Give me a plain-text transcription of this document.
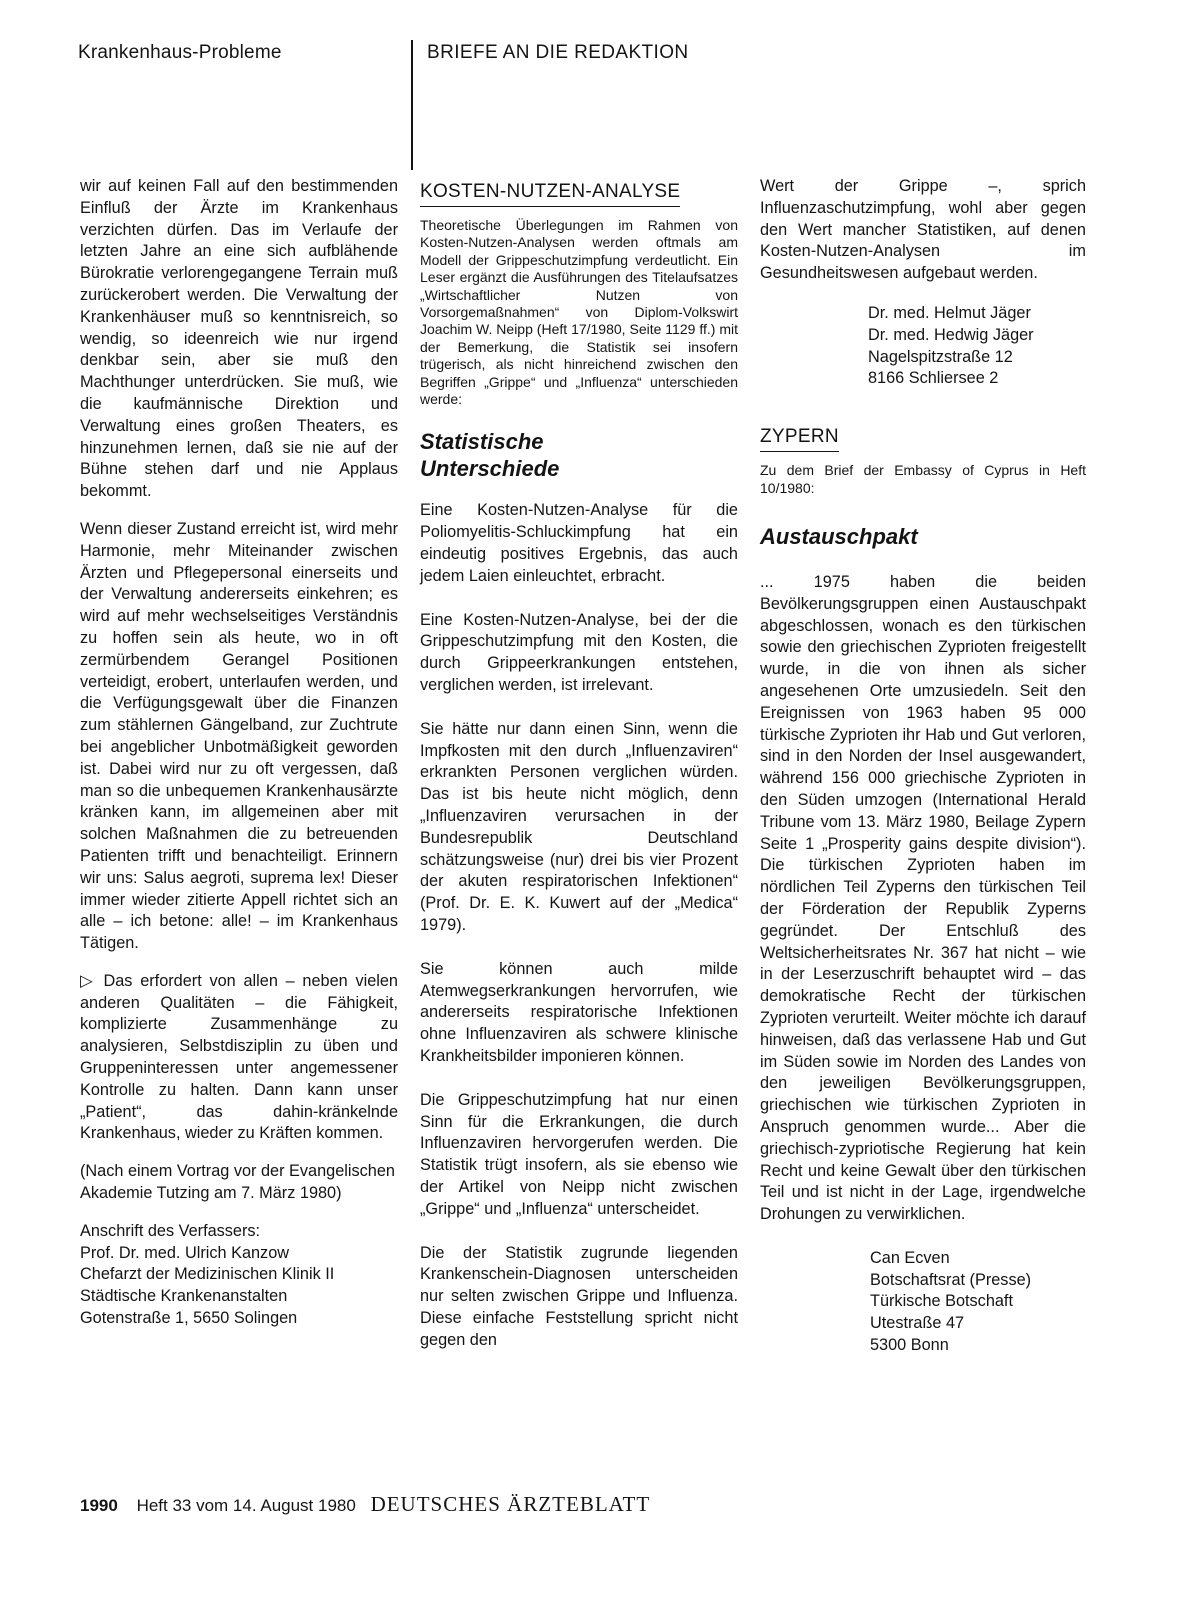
Krankenhaus-Probleme	BRIEFE AN DIE REDAKTION

wir auf keinen Fall auf den bestimmenden Einfluß der Ärzte im Krankenhaus verzichten dürfen. Das im Verlaufe der letzten Jahre an eine sich aufblähende Bürokratie verlorengegangene Terrain muß zurückerobert werden. Die Verwaltung der Krankenhäuser muß so kenntnisreich, so wendig, so ideenreich wie nur irgend denkbar sein, aber sie muß den Machthunger unterdrücken. Sie muß, wie die kaufmännische Direktion und Verwaltung eines großen Theaters, es hinzunehmen lernen, daß sie nie auf der Bühne stehen darf und nie Applaus bekommt.

Wenn dieser Zustand erreicht ist, wird mehr Harmonie, mehr Miteinander zwischen Ärzten und Pflegepersonal einerseits und der Verwaltung andererseits einkehren; es wird auf mehr wechselseitiges Verständnis zu hoffen sein als heute, wo in oft zermürbendem Gerangel Positionen verteidigt, erobert, unterlaufen werden, und die Verfügungsgewalt über die Finanzen zum stählernen Gängelband, zur Zuchtrute bei angeblicher Unbotmäßigkeit geworden ist. Dabei wird nur zu oft vergessen, daß man so die unbequemen Krankenhausärzte kränken kann, im allgemeinen aber mit solchen Maßnahmen die zu betreuenden Patienten trifft und benachteiligt. Erinnern wir uns: Salus aegroti, suprema lex! Dieser immer wieder zitierte Appell richtet sich an alle – ich betone: alle! – im Krankenhaus Tätigen.

▷ Das erfordert von allen – neben vielen anderen Qualitäten – die Fähigkeit, komplizierte Zusammenhänge zu analysieren, Selbstdisziplin zu üben und Gruppeninteressen unter angemessener Kontrolle zu halten. Dann kann unser „Patient“, das dahin-kränkelnde Krankenhaus, wieder zu Kräften kommen.

(Nach einem Vortrag vor der Evangelischen Akademie Tutzing am 7. März 1980)

Anschrift des Verfassers:
Prof. Dr. med. Ulrich Kanzow
Chefarzt der Medizinischen Klinik II
Städtische Krankenanstalten
Gotenstraße 1, 5650 Solingen
KOSTEN-NUTZEN-ANALYSE

Theoretische Überlegungen im Rahmen von Kosten-Nutzen-Analysen werden oftmals am Modell der Grippeschutzimpfung verdeutlicht. Ein Leser ergänzt die Ausführungen des Titelaufsatzes „Wirtschaftlicher Nutzen von Vorsorgemaßnahmen“ von Diplom-Volkswirt Joachim W. Neipp (Heft 17/1980, Seite 1129 ff.) mit der Bemerkung, die Statistik sei insofern trügerisch, als nicht hinreichend zwischen den Begriffen „Grippe“ und „Influenza“ unterschieden werde:

Statistische
Unterschiede

Eine Kosten-Nutzen-Analyse für die Poliomyelitis-Schluckimpfung hat ein eindeutig positives Ergebnis, das auch jedem Laien einleuchtet, erbracht.

Eine Kosten-Nutzen-Analyse, bei der die Grippeschutzimpfung mit den Kosten, die durch Grippeerkrankungen entstehen, verglichen werden, ist irrelevant.

Sie hätte nur dann einen Sinn, wenn die Impfkosten mit den durch „Influenzaviren“ erkrankten Personen verglichen würden. Das ist bis heute nicht möglich, denn „Influenzaviren verursachen in der Bundesrepublik Deutschland schätzungsweise (nur) drei bis vier Prozent der akuten respiratorischen Infektionen“ (Prof. Dr. E. K. Kuwert auf der „Medica“ 1979).

Sie können auch milde Atemwegserkrankungen hervorrufen, wie andererseits respiratorische Infektionen ohne Influenzaviren als schwere klinische Krankheitsbilder imponieren können.

Die Grippeschutzimpfung hat nur einen Sinn für die Erkrankungen, die durch Influenzaviren hervorgerufen werden. Die Statistik trügt insofern, als sie ebenso wie der Artikel von Neipp nicht zwischen „Grippe“ und „Influenza“ unterscheidet.

Die der Statistik zugrunde liegenden Krankenschein-Diagnosen unterscheiden nur selten zwischen Grippe und Influenza. Diese einfache Feststellung spricht nicht gegen den

Wert der Grippe –, sprich Influenzaschutzimpfung, wohl aber gegen den Wert mancher Statistiken, auf denen Kosten-Nutzen-Analysen im Gesundheitswesen aufgebaut werden.

Dr. med. Helmut Jäger
Dr. med. Hedwig Jäger
Nagelspitzstraße 12
8166 Schliersee 2
ZYPERN

Zu dem Brief der Embassy of Cyprus in Heft 10/1980:

Austauschpakt

... 1975 haben die beiden Bevölkerungsgruppen einen Austauschpakt abgeschlossen, wonach es den türkischen sowie den griechischen Zyprioten freigestellt wurde, in die von ihnen als sicher angesehenen Orte umzusiedeln. Seit den Ereignissen von 1963 haben 95 000 türkische Zyprioten ihr Hab und Gut verloren, sind in den Norden der Insel ausgewandert, während 156 000 griechische Zyprioten in den Süden umzogen (International Herald Tribune vom 13. März 1980, Beilage Zypern Seite 1 „Prosperity gains despite division“). Die türkischen Zyprioten haben im nördlichen Teil Zyperns den türkischen Teil der Förderation der Republik Zyperns gegründet. Der Entschluß des Weltsicherheitsrates Nr. 367 hat nicht – wie in der Leserzuschrift behauptet wird – das demokratische Recht der türkischen Zyprioten verurteilt. Weiter möchte ich darauf hinweisen, daß das verlassene Hab und Gut im Süden sowie im Norden des Landes von den jeweiligen Bevölkerungsgruppen, griechischen wie türkischen Zyprioten in Anspruch genommen wurde... Aber die griechisch-zypriotische Regierung hat kein Recht und keine Gewalt über den türkischen Teil und ist nicht in der Lage, irgendwelche Drohungen zu verwirklichen.

Can Ecven
Botschaftsrat (Presse)
Türkische Botschaft
Utestraße 47
5300 Bonn
1990 Heft 33 vom 14. August 1980 DEUTSCHES ÄRZTEBLATT
